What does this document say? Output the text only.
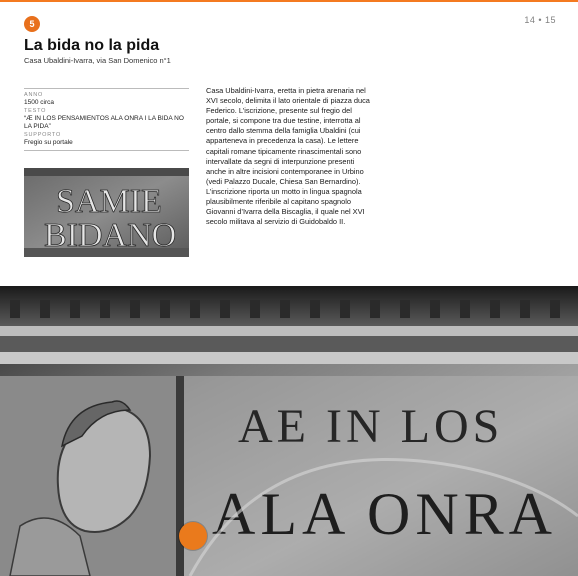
5	14 • 15
La bida no la pida
Casa Ubaldini-Ivarra, via San Domenico n°1
ANNO
1500 circa
TESTO
“Æ IN LOS PENSAMIENTOS ALA ONRA I LA BIDA NO LA PIDA”
SUPPORTO
Fregio su portale
SAMIE
BIDANO

Casa Ubaldini-Ivarra, eretta in pietra arenaria nel XVI secolo, delimita il lato orientale di piazza duca Federico. L’iscrizione, presente sul fregio del portale, si compone tra due testine, interrotta al centro dallo stemma della famiglia Ubaldini (cui apparteneva in precedenza la casa). Le lettere capitali romane tipicamente rinascimentali sono intervallate da segni di interpunzione presenti anche in altre incisioni contemporanee in Urbino (vedi Palazzo Ducale, Chiesa San Bernardino). L’inscrizione riporta un motto in lingua spagnola plausibilmente riferibile al capitano spagnolo Giovanni d’Ivarra della Biscaglia, il quale nel XVI secolo militava al servizio di Guidobaldo II.

AE IN LOS
ALA ONRA
